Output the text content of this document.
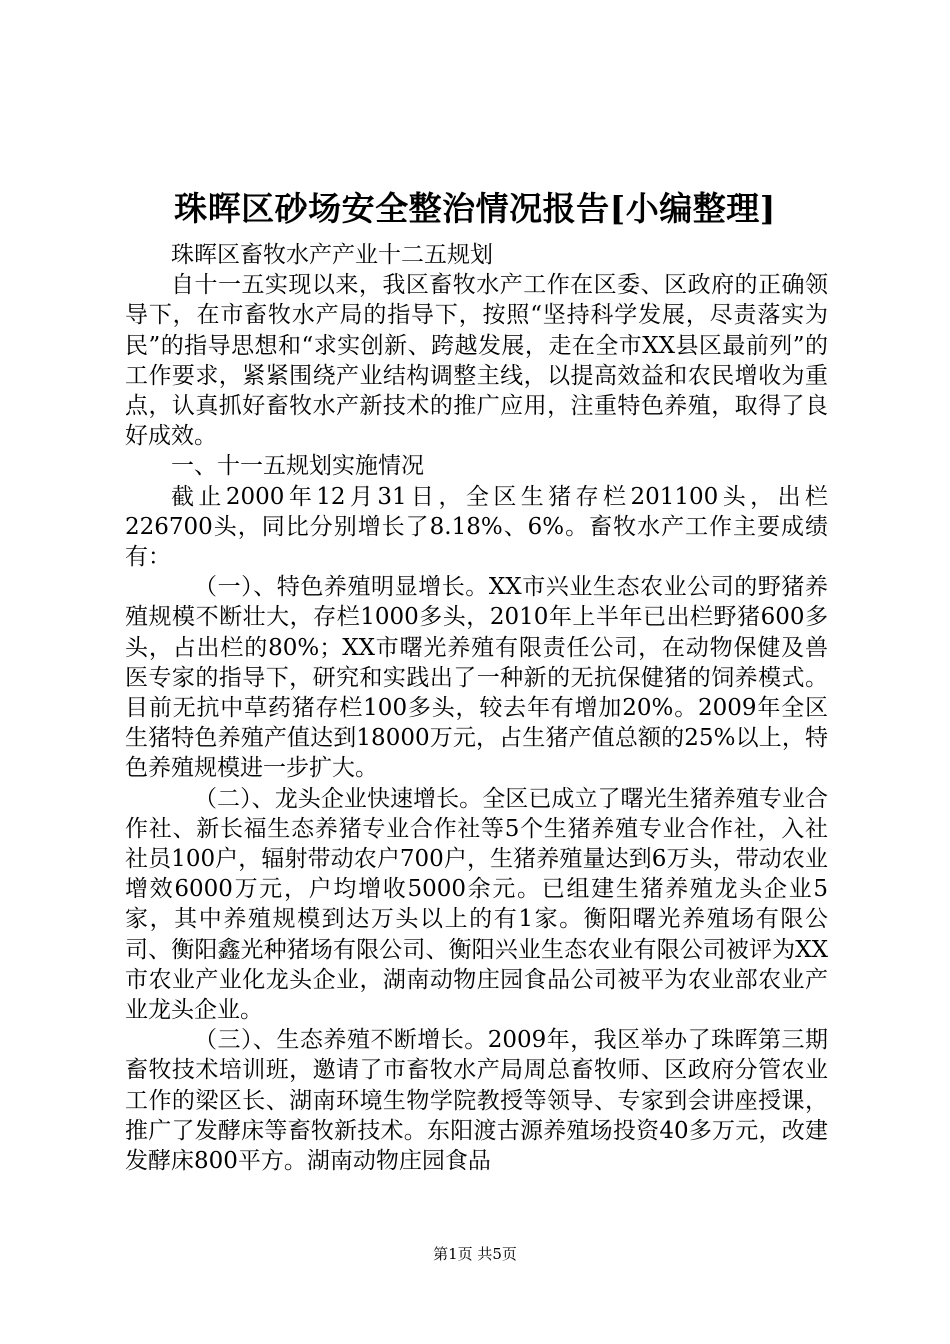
珠晖区砂场安全整治情况报告[小编整理]

珠晖区畜牧水产产业十二五规划

自十一五实现以来，我区畜牧水产工作在区委、区政府的正确领导下，在市畜牧水产局的指导下，按照“坚持科学发展，尽责落实为民”的指导思想和“求实创新、跨越发展，走在全市XX县区最前列”的工作要求，紧紧围绕产业结构调整主线，以提高效益和农民增收为重点，认真抓好畜牧水产新技术的推广应用，注重特色养殖，取得了良好成效。

一、十一五规划实施情况

截止2000年12月31日，全区生猪存栏201100头，出栏226700头，同比分别增长了8.18%、6%。畜牧水产工作主要成绩有：

（一）、特色养殖明显增长。XX市兴业生态农业公司的野猪养殖规模不断壮大，存栏1000多头，2010年上半年已出栏野猪600多头，占出栏的80%；XX市曙光养殖有限责任公司，在动物保健及兽医专家的指导下，研究和实践出了一种新的无抗保健猪的饲养模式。目前无抗中草药猪存栏100多头，较去年有增加20%。2009年全区生猪特色养殖产值达到18000万元，占生猪产值总额的25%以上，特色养殖规模进一步扩大。

（二）、龙头企业快速增长。全区已成立了曙光生猪养殖专业合作社、新长福生态养猪专业合作社等5个生猪养殖专业合作社，入社社员100户，辐射带动农户700户，生猪养殖量达到6万头，带动农业增效6000万元，户均增收5000余元。已组建生猪养殖龙头企业5家，其中养殖规模到达万头以上的有1家。衡阳曙光养殖场有限公司、衡阳鑫光种猪场有限公司、衡阳兴业生态农业有限公司被评为XX市农业产业化龙头企业，湖南动物庄园食品公司被平为农业部农业产业龙头企业。

（三）、生态养殖不断增长。2009年，我区举办了珠晖第三期畜牧技术培训班，邀请了市畜牧水产局周总畜牧师、区政府分管农业工作的梁区长、湖南环境生物学院教授等领导、专家到会讲座授课，推广了发酵床等畜牧新技术。东阳渡古源养殖场投资40多万元，改建发酵床800平方。湖南动物庄园食品

第1页 共5页
